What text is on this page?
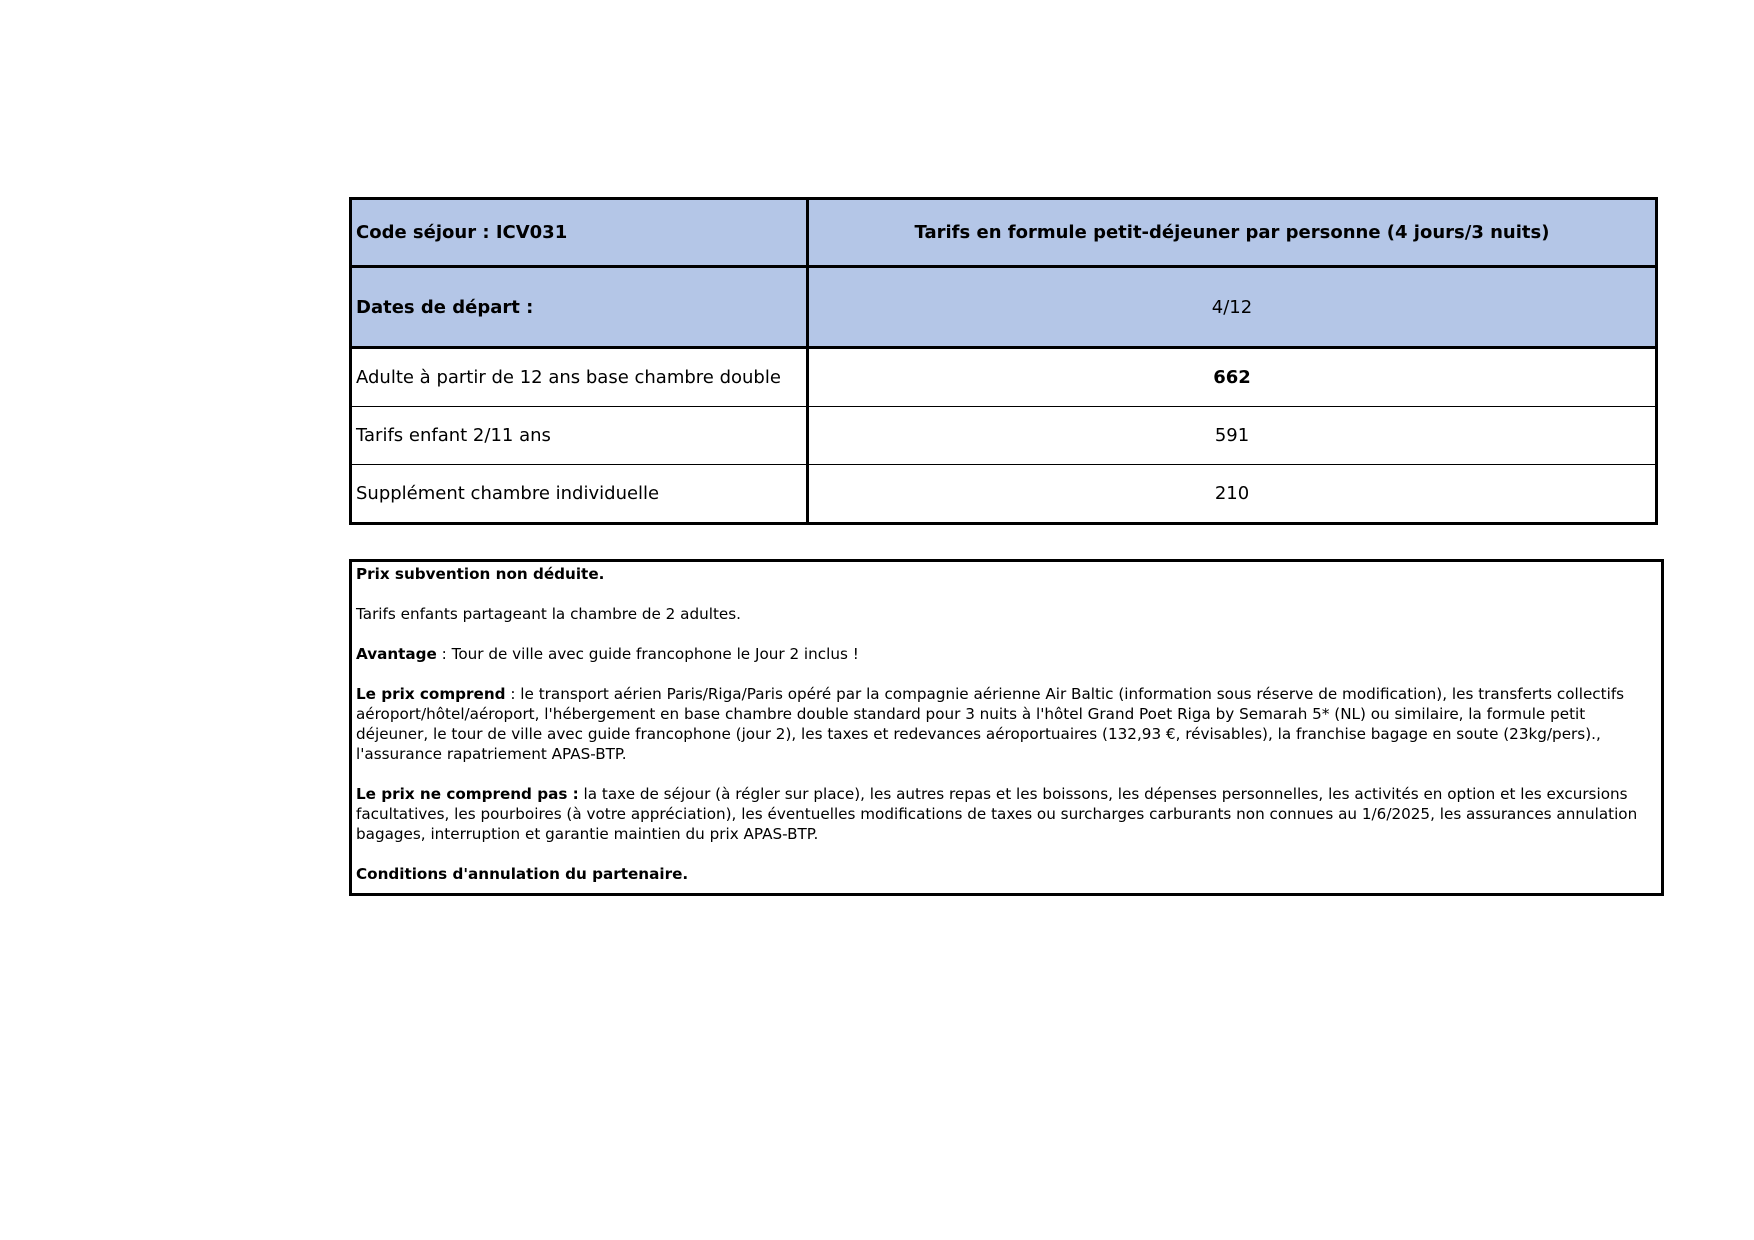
Code séjour : ICV031	Tarifs en formule petit-déjeuner par personne (4 jours/3 nuits)
Dates de départ :	4/12
Adulte à partir de 12 ans base chambre double	662
Tarifs enfant 2/11 ans	591
Supplément chambre individuelle	210

Prix subvention non déduite.

Tarifs enfants partageant la chambre de 2 adultes.

Avantage : Tour de ville avec guide francophone le Jour 2 inclus !

Le prix comprend : le transport aérien Paris/Riga/Paris opéré par la compagnie aérienne Air Baltic (information sous réserve de modification), les transferts collectifs aéroport/hôtel/aéroport, l'hébergement en base chambre double standard pour 3 nuits à l'hôtel Grand Poet Riga by Semarah 5* (NL) ou similaire, la formule petit déjeuner, le tour de ville avec guide francophone (jour 2), les taxes et redevances aéroportuaires (132,93 €, révisables), la franchise bagage en soute (23kg/pers)., l'assurance rapatriement APAS-BTP.

Le prix ne comprend pas : la taxe de séjour (à régler sur place), les autres repas et les boissons, les dépenses personnelles, les activités en option et les excursions facultatives, les pourboires (à votre appréciation), les éventuelles modifications de taxes ou surcharges carburants non connues au 1/6/2025, les assurances annulation bagages, interruption et garantie maintien du prix APAS-BTP.

Conditions d'annulation du partenaire.
